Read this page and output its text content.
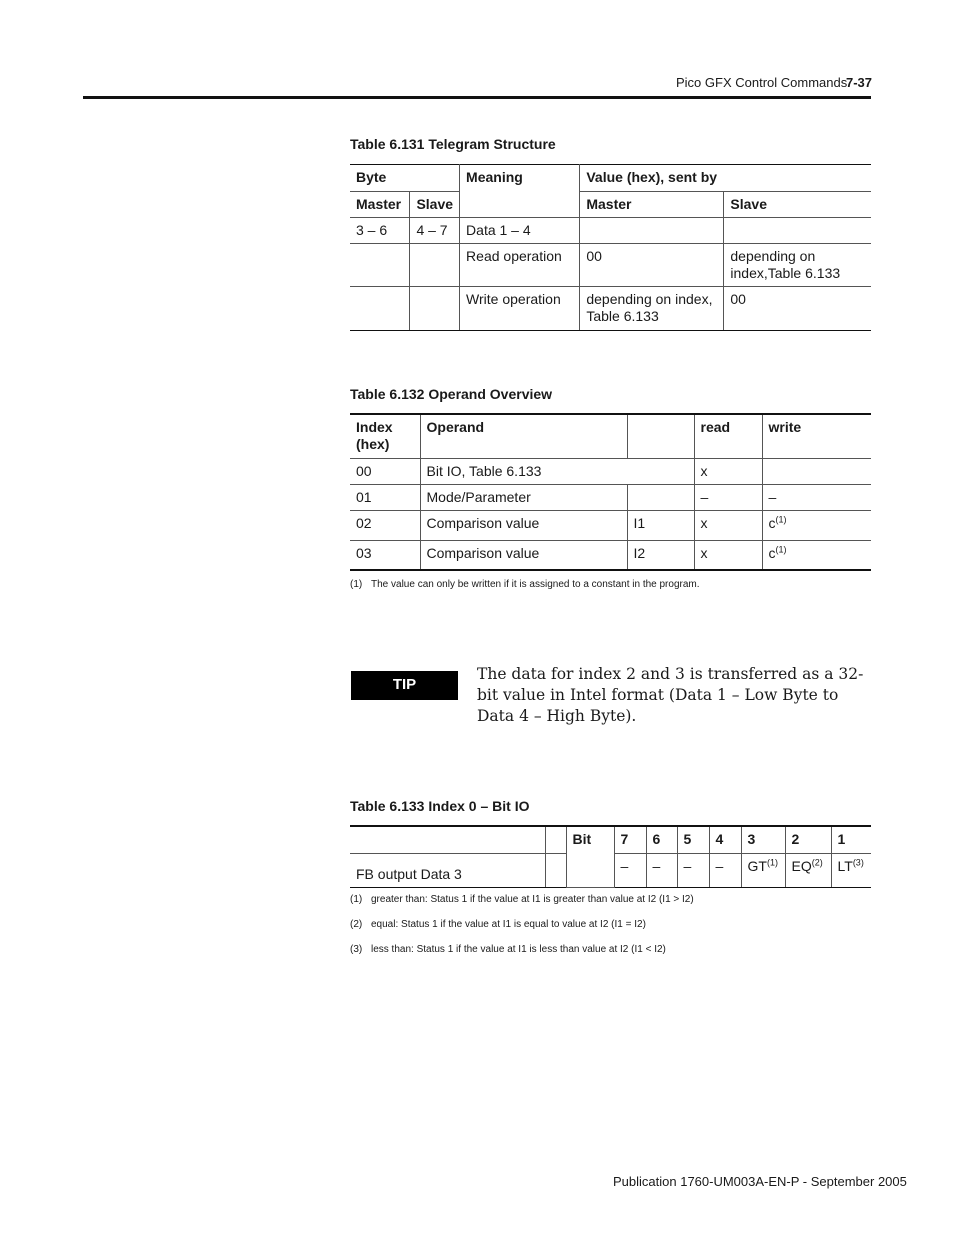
Pico GFX Control Commands
7-37
Table 6.131 Telegram Structure
Byte		Meaning	Value (hex), sent by	
Master	Slave		Master	Slave
3 – 6	4 – 7	Data 1 – 4		
		Read operation	00	depending on index,Table 6.133
		Write operation	depending on index, Table 6.133	00
Table 6.132 Operand Overview
Index (hex)	Operand		read	write
00	Bit IO, Table 6.133		x	
01	Mode/Parameter		–	–
02	Comparison value	I1	x	$c^{(1)}$
03	Comparison value	I2	x	$c^{(1)}$
(1) The value can only be written if it is assigned to a constant in the program.
TIP
The data for index 2 and 3 is transferred as a 32-bit value in Intel format (Data 1 – Low Byte to Data 4 – High Byte).
Table 6.133 Index 0 – Bit IO
		Bit	7	6	5	4	3	2	1
FB output Data 3			–	–	–	–	GT$^{(1)}$	EQ$^{(2)}$	LT$^{(3)}$
(1) greater than: Status 1 if the value at I1 is greater than value at I2 (I1 > I2)
(2) equal: Status 1 if the value at I1 is equal to value at I2 (I1 = I2)
(3) less than: Status 1 if the value at I1 is less than value at I2 (I1 < I2)
Publication 1760-UM003A-EN-P - September 2005
